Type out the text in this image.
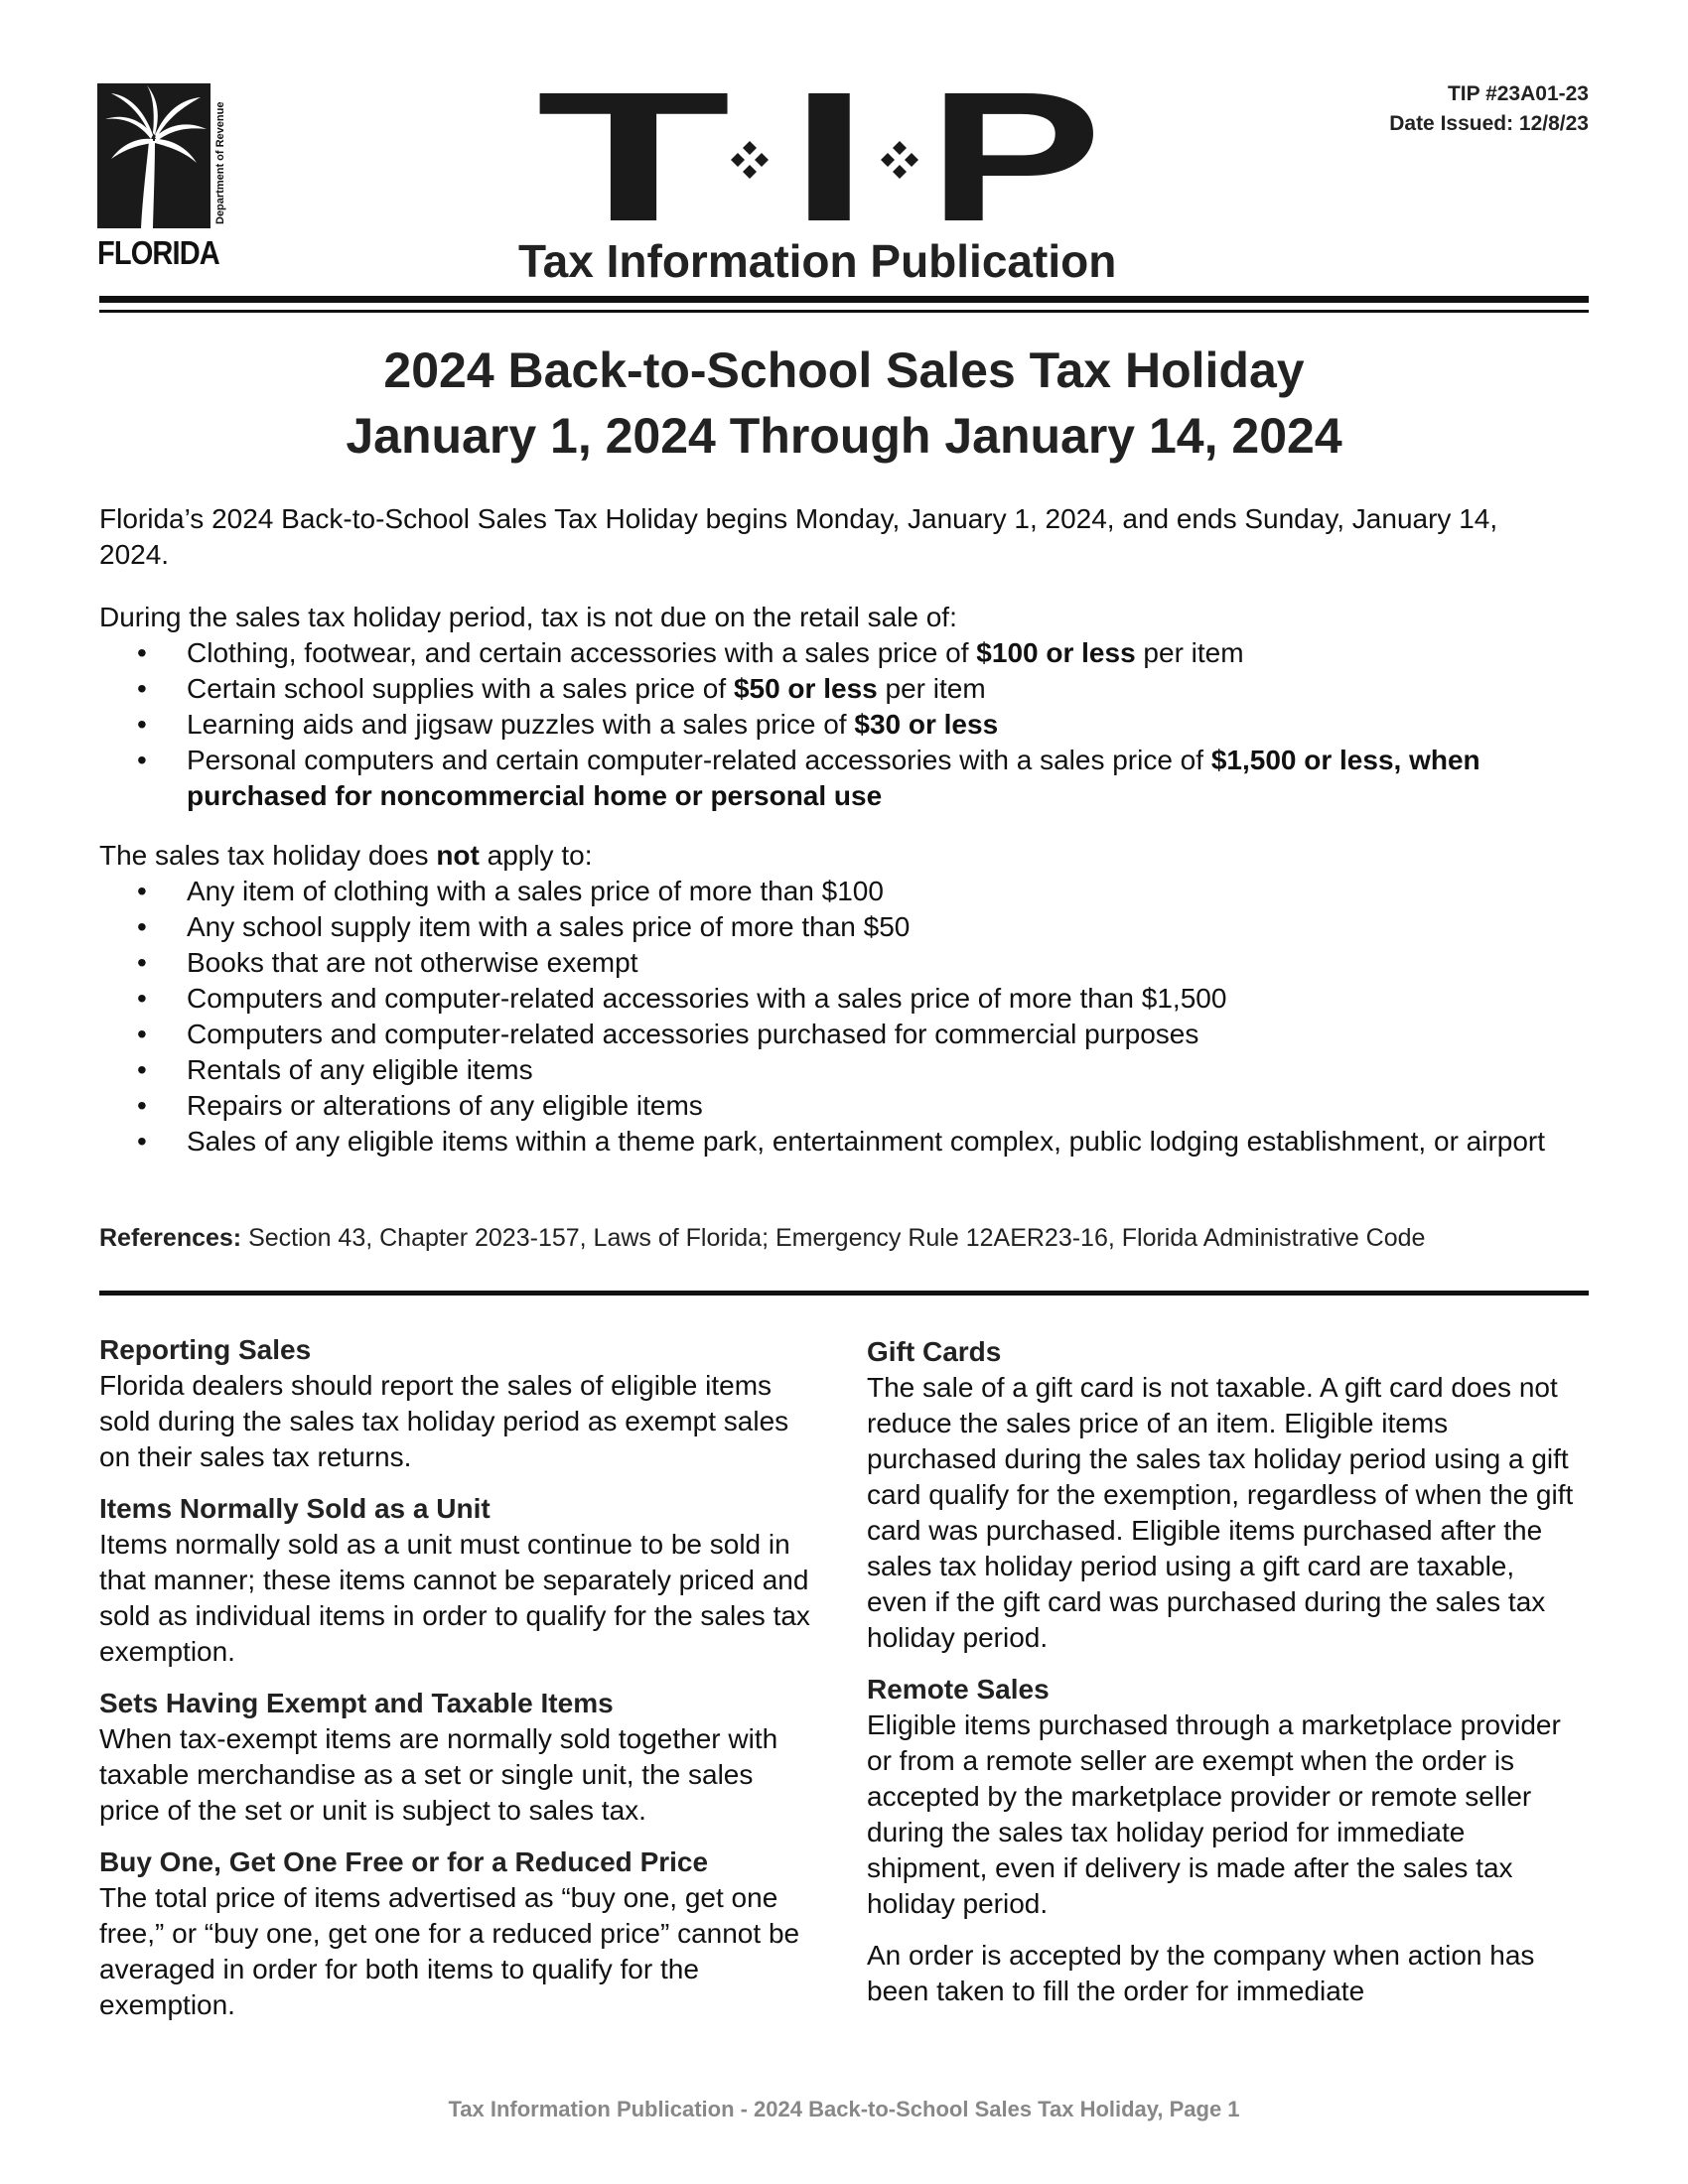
Department of Revenue
FLORIDA T I P
Tax Information Publication
TIP #23A01-23
Date Issued: 12/8/23
2024 Back-to-School Sales Tax Holiday
January 1, 2024 Through January 14, 2024
Florida’s 2024 Back-to-School Sales Tax Holiday begins Monday, January 1, 2024, and ends Sunday, January 14, 2024.
During the sales tax holiday period, tax is not due on the retail sale of:
• Clothing, footwear, and certain accessories with a sales price of $100 or less per item
• Certain school supplies with a sales price of $50 or less per item
• Learning aids and jigsaw puzzles with a sales price of $30 or less
• Personal computers and certain computer-related accessories with a sales price of $1,500 or less, when purchased for noncommercial home or personal use
The sales tax holiday does not apply to:
• Any item of clothing with a sales price of more than $100
• Any school supply item with a sales price of more than $50
• Books that are not otherwise exempt
• Computers and computer-related accessories with a sales price of more than $1,500
• Computers and computer-related accessories purchased for commercial purposes
• Rentals of any eligible items
• Repairs or alterations of any eligible items
• Sales of any eligible items within a theme park, entertainment complex, public lodging establishment, or airport
References: Section 43, Chapter 2023-157, Laws of Florida; Emergency Rule 12AER23-16, Florida Administrative Code
Reporting Sales

Florida dealers should report the sales of eligible items sold during the sales tax holiday period as exempt sales on their sales tax returns.

Items Normally Sold as a Unit

Items normally sold as a unit must continue to be sold in that manner; these items cannot be separately priced and sold as individual items in order to qualify for the sales tax exemption.

Sets Having Exempt and Taxable Items

When tax-exempt items are normally sold together with taxable merchandise as a set or single unit, the sales price of the set or unit is subject to sales tax.

Buy One, Get One Free or for a Reduced Price

The total price of items advertised as “buy one, get one free,” or “buy one, get one for a reduced price” cannot be averaged in order for both items to qualify for the exemption.

Gift Cards

The sale of a gift card is not taxable. A gift card does not reduce the sales price of an item. Eligible items purchased during the sales tax holiday period using a gift card qualify for the exemption, regardless of when the gift card was purchased. Eligible items purchased after the sales tax holiday period using a gift card are taxable, even if the gift card was purchased during the sales tax holiday period.

Remote Sales

Eligible items purchased through a marketplace provider or from a remote seller are exempt when the order is accepted by the marketplace provider or remote seller during the sales tax holiday period for immediate shipment, even if delivery is made after the sales tax holiday period.

An order is accepted by the company when action has been taken to fill the order for immediate

Tax Information Publication - 2024 Back-to-School Sales Tax Holiday, Page 1
